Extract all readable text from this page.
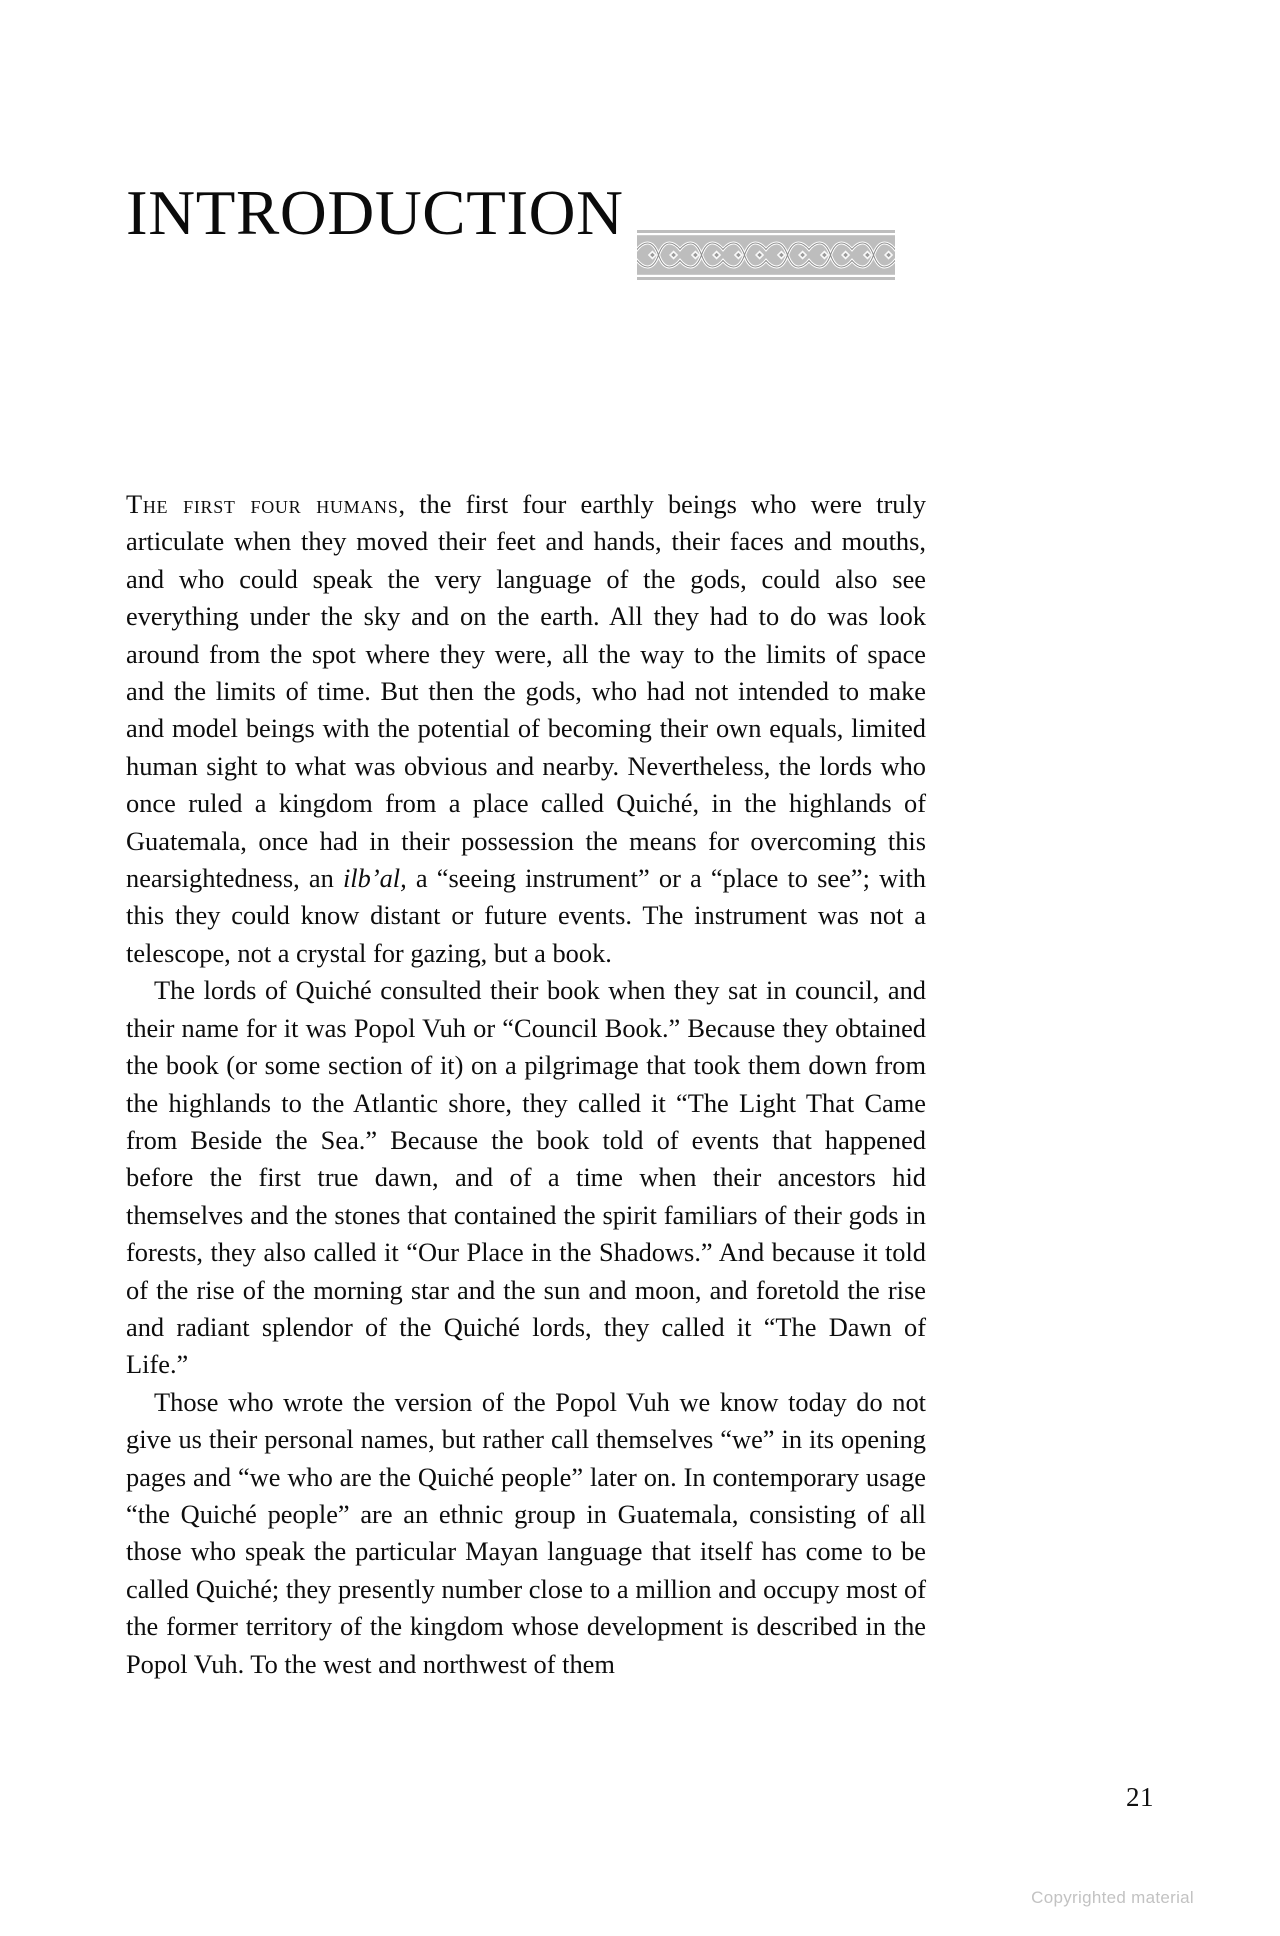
INTRODUCTION

The first four humans, the first four earthly beings who were truly articulate when they moved their feet and hands, their faces and mouths, and who could speak the very language of the gods, could also see everything under the sky and on the earth. All they had to do was look around from the spot where they were, all the way to the limits of space and the limits of time. But then the gods, who had not intended to make and model beings with the potential of becoming their own equals, limited human sight to what was obvious and nearby. Nevertheless, the lords who once ruled a kingdom from a place called Quiché, in the highlands of Guatemala, once had in their possession the means for overcoming this nearsightedness, an ilb’al, a “seeing instrument” or a “place to see”; with this they could know distant or future events. The instrument was not a telescope, not a crystal for gazing, but a book.

The lords of Quiché consulted their book when they sat in council, and their name for it was Popol Vuh or “Council Book.” Because they obtained the book (or some section of it) on a pilgrimage that took them down from the highlands to the Atlantic shore, they called it “The Light That Came from Beside the Sea.” Because the book told of events that happened before the first true dawn, and of a time when their ancestors hid themselves and the stones that contained the spirit familiars of their gods in forests, they also called it “Our Place in the Shadows.” And because it told of the rise of the morning star and the sun and moon, and foretold the rise and radiant splendor of the Quiché lords, they called it “The Dawn of Life.”

Those who wrote the version of the Popol Vuh we know today do not give us their personal names, but rather call themselves “we” in its opening pages and “we who are the Quiché people” later on. In contemporary usage “the Quiché people” are an ethnic group in Guatemala, consisting of all those who speak the particular Mayan language that itself has come to be called Quiché; they presently number close to a million and occupy most of the former territory of the kingdom whose development is described in the Popol Vuh. To the west and northwest of them

21
Copyrighted material
